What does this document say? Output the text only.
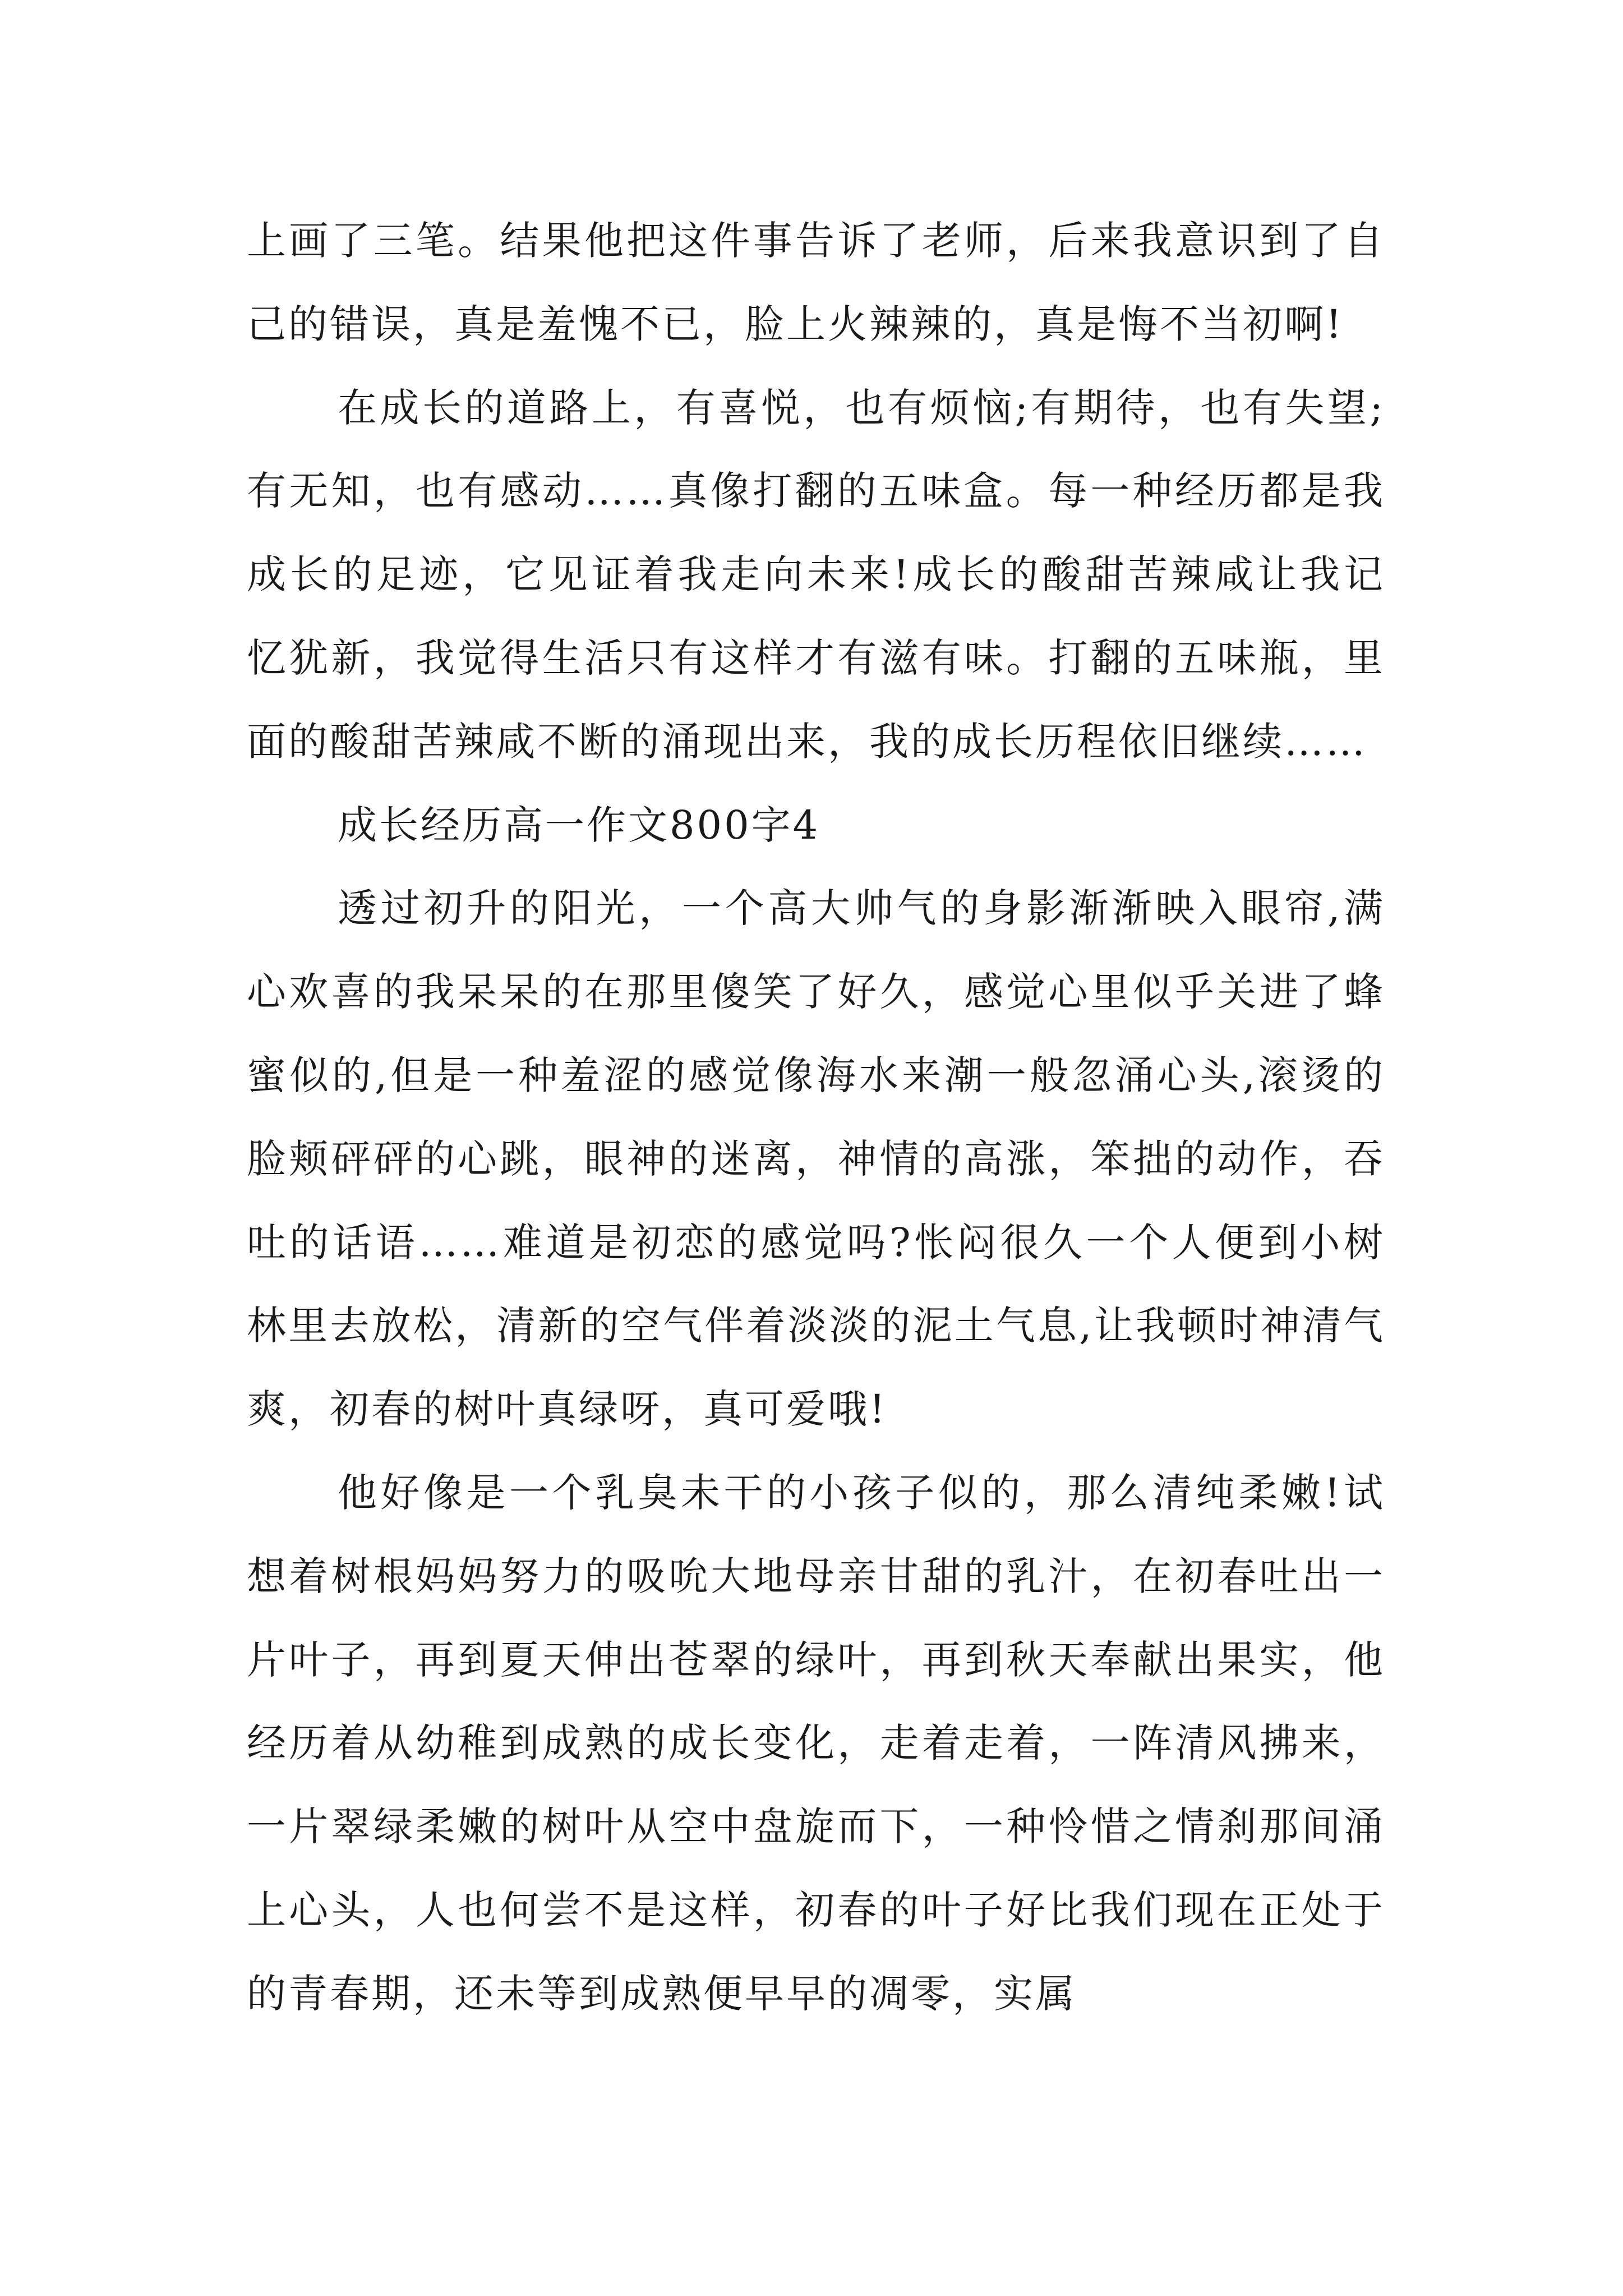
上画了三笔。结果他把这件事告诉了老师，后来我意识到了自己的错误，真是羞愧不已，脸上火辣辣的，真是悔不当初啊!

在成长的道路上，有喜悦，也有烦恼;有期待，也有失望;有无知，也有感动……真像打翻的五味盒。每一种经历都是我成长的足迹，它见证着我走向未来!成长的酸甜苦辣咸让我记忆犹新，我觉得生活只有这样才有滋有味。打翻的五味瓶，里面的酸甜苦辣咸不断的涌现出来，我的成长历程依旧继续……

成长经历高一作文800字4

透过初升的阳光，一个高大帅气的身影渐渐映入眼帘,满心欢喜的我呆呆的在那里傻笑了好久，感觉心里似乎关进了蜂蜜似的,但是一种羞涩的感觉像海水来潮一般忽涌心头,滚烫的脸颊砰砰的心跳，眼神的迷离，神情的高涨，笨拙的动作，吞吐的话语……难道是初恋的感觉吗?怅闷很久一个人便到小树林里去放松，清新的空气伴着淡淡的泥土气息,让我顿时神清气爽，初春的树叶真绿呀，真可爱哦!

他好像是一个乳臭未干的小孩子似的，那么清纯柔嫩!试想着树根妈妈努力的吸吮大地母亲甘甜的乳汁，在初春吐出一片叶子，再到夏天伸出苍翠的绿叶，再到秋天奉献出果实，他经历着从幼稚到成熟的成长变化，走着走着，一阵清风拂来，一片翠绿柔嫩的树叶从空中盘旋而下，一种怜惜之情刹那间涌上心头，人也何尝不是这样，初春的叶子好比我们现在正处于的青春期，还未等到成熟便早早的凋零，实属
